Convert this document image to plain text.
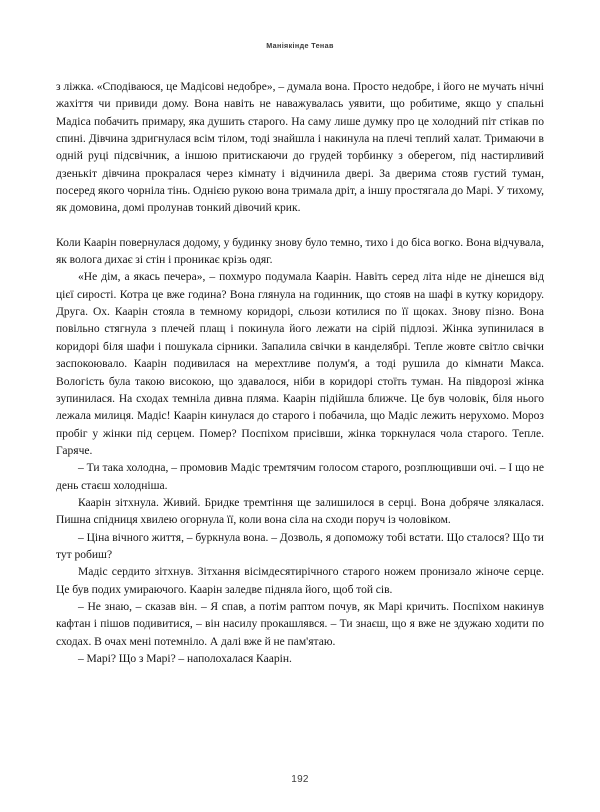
Маніякінде Тенав

з ліжка. «Сподіваюся, це Мадісові недобре», – думала вона. Просто недобре, і його не мучать нічні жахіття чи привиди дому. Вона навіть не наважувалась уявити, що робитиме, якщо у спальні Мадіса побачить примару, яка душить старого. На саму лише думку про це холодний піт стікав по спині. Дівчина здригнулася всім тілом, тоді знайшла і накинула на плечі теплий халат. Тримаючи в одній руці підсвічник, а іншою притискаючи до грудей торбинку з оберегом, під настирливий дзенькіт дівчина прокралася через кімнату і відчинила двері. За дверима стояв густий туман, посеред якого чорніла тінь. Однією рукою вона тримала дріт, а іншу простягала до Марі. У тихому, як домовина, домі пролунав тонкий дівочий крик.

Коли Каарін повернулася додому, у будинку знову було темно, тихо і до біса вогко. Вона відчувала, як волога дихає зі стін і проникає крізь одяг.

«Не дім, а якась печера», – похмуро подумала Каарін. Навіть серед літа ніде не дінешся від цієї сирості. Котра це вже година? Вона глянула на годинник, що стояв на шафі в кутку коридору. Друга. Ох. Каарін стояла в темному коридорі, сльози котилися по її щоках. Знову пізно. Вона повільно стягнула з плечей плащ і покинула його лежати на сірій підлозі. Жінка зупинилася в коридорі біля шафи і пошукала сірники. Запалила свічки в канделябрі. Тепле жовте світло свічки заспокоювало. Каарін подивилася на мерехтливе полум'я, а тоді рушила до кімнати Макса. Вологість була такою високою, що здавалося, ніби в коридорі стоїть туман. На півдорозі жінка зупинилася. На сходах темніла дивна пляма. Каарін підійшла ближче. Це був чоловік, біля нього лежала милиця. Мадіс! Каарін кинулася до старого і побачила, що Мадіс лежить нерухомо. Мороз пробіг у жінки під серцем. Помер? Поспіхом присівши, жінка торкнулася чола старого. Тепле. Гаряче.

– Ти така холодна, – промовив Мадіс тремтячим голосом старого, розплющивши очі. – І що не день стаєш холодніша.

Каарін зітхнула. Живий. Бридке тремтіння ще залишилося в серці. Вона добряче злякалася. Пишна спідниця хвилею огорнула її, коли вона сіла на сходи поруч із чоловіком.

– Ціна вічного життя, – буркнула вона. – Дозволь, я допоможу тобі встати. Що сталося? Що ти тут робиш?

Мадіс сердито зітхнув. Зітхання вісімдесятирічного старого ножем пронизало жіноче серце. Це був подих умираючого. Каарін заледве підняла його, щоб той сів.

– Не знаю, – сказав він. – Я спав, а потім раптом почув, як Марі кричить. Поспіхом накинув кафтан і пішов подивитися, – він насилу прокашлявся. – Ти знаєш, що я вже не здужаю ходити по сходах. В очах мені потемніло. А далі вже й не пам'ятаю.

– Марі? Що з Марі? – наполохалася Каарін.

192
